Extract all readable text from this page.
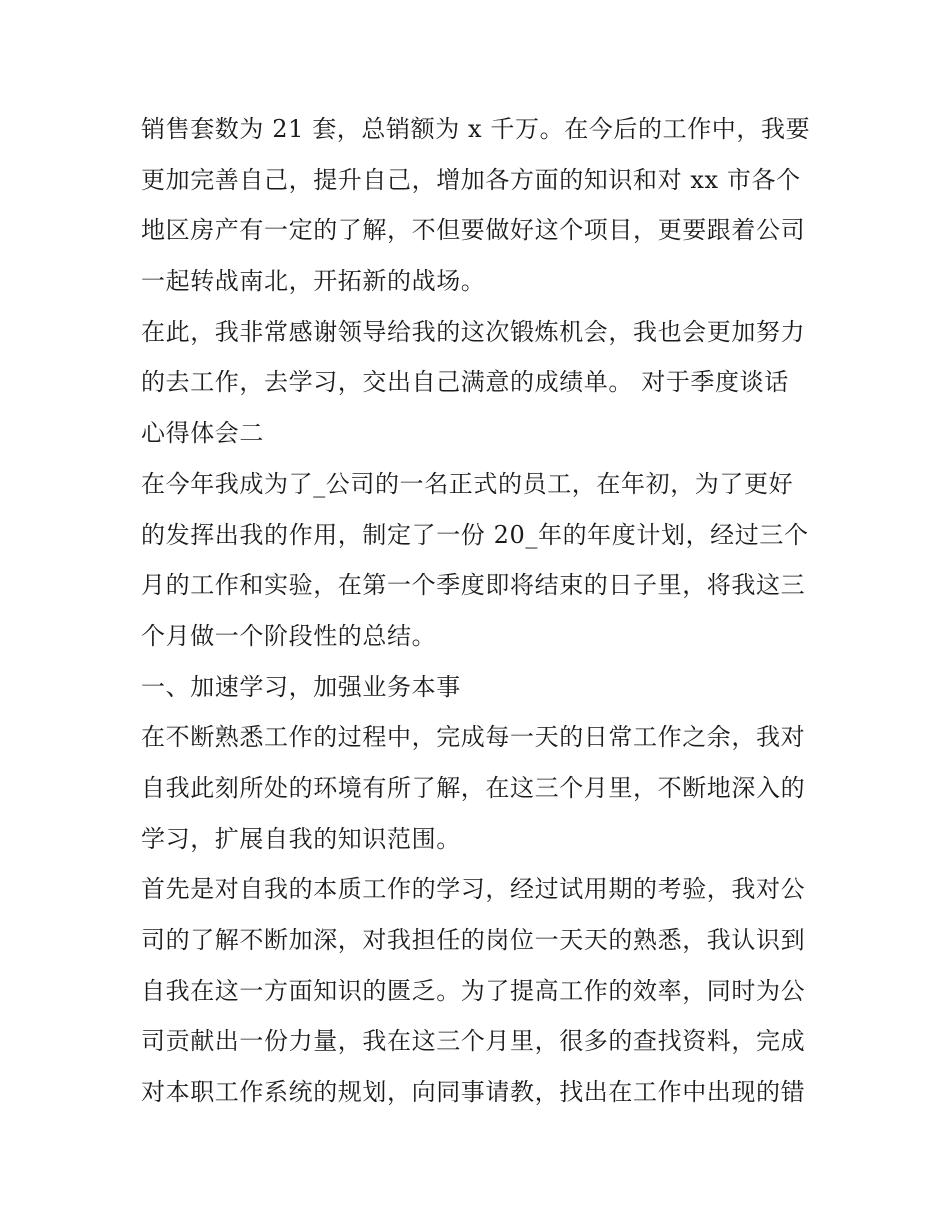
销售套数为 21 套，总销额为 x 千万。在今后的工作中，我要
更加完善自己，提升自己，增加各方面的知识和对 xx 市各个
地区房产有一定的了解，不但要做好这个项目，更要跟着公司
一起转战南北，开拓新的战场。
在此，我非常感谢领导给我的这次锻炼机会，我也会更加努力
的去工作，去学习，交出自己满意的成绩单。 对于季度谈话
心得体会二
在今年我成为了_公司的一名正式的员工，在年初，为了更好
的发挥出我的作用，制定了一份 20_年的年度计划，经过三个
月的工作和实验，在第一个季度即将结束的日子里，将我这三
个月做一个阶段性的总结。
一、加速学习，加强业务本事
在不断熟悉工作的过程中，完成每一天的日常工作之余，我对
自我此刻所处的环境有所了解，在这三个月里，不断地深入的
学习，扩展自我的知识范围。
首先是对自我的本质工作的学习，经过试用期的考验，我对公
司的了解不断加深，对我担任的岗位一天天的熟悉，我认识到
自我在这一方面知识的匮乏。为了提高工作的效率，同时为公
司贡献出一份力量，我在这三个月里，很多的查找资料，完成
对本职工作系统的规划，向同事请教，找出在工作中出现的错
